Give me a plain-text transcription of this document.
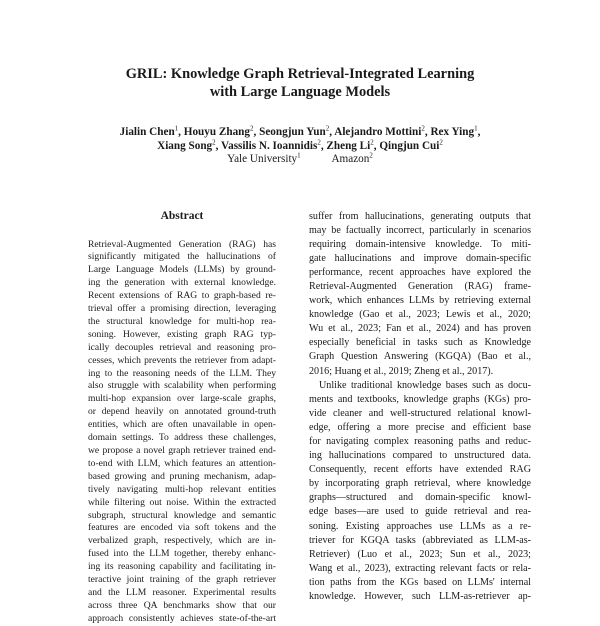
GRIL: Knowledge Graph Retrieval-Integrated Learning
with Large Language Models
Jialin Chen$^1$, Houyu Zhang$^2$, Seongjun Yun$^2$, Alejandro Mottini$^2$, Rex Ying$^1$,
Xiang Song$^2$, Vassilis N. Ioannidis$^2$, Zheng Li$^2$, Qingjun Cui$^2$
Yale University$^1$	Amazon$^2$
Abstract
Retrieval-Augmented Generation (RAG) has
significantly mitigated the hallucinations of
Large Language Models (LLMs) by ground-
ing the generation with external knowledge.
Recent extensions of RAG to graph-based re-
trieval offer a promising direction, leveraging
the structural knowledge for multi-hop rea-
soning. However, existing graph RAG typ-
ically decouples retrieval and reasoning pro-
cesses, which prevents the retriever from adapt-
ing to the reasoning needs of the LLM. They
also struggle with scalability when performing
multi-hop expansion over large-scale graphs,
or depend heavily on annotated ground-truth
entities, which are often unavailable in open-
domain settings. To address these challenges,
we propose a novel graph retriever trained end-
to-end with LLM, which features an attention-
based growing and pruning mechanism, adap-
tively navigating multi-hop relevant entities
while filtering out noise. Within the extracted
subgraph, structural knowledge and semantic
features are encoded via soft tokens and the
verbalized graph, respectively, which are in-
fused into the LLM together, thereby enhanc-
ing its reasoning capability and facilitating in-
teractive joint training of the graph retriever
and the LLM reasoner. Experimental results
across three QA benchmarks show that our
approach consistently achieves state-of-the-art
suffer from hallucinations, generating outputs that
may be factually incorrect, particularly in scenarios
requiring domain-intensive knowledge. To miti-
gate hallucinations and improve domain-specific
performance, recent approaches have explored the
Retrieval-Augmented Generation (RAG) frame-
work, which enhances LLMs by retrieving external
knowledge (Gao et al., 2023; Lewis et al., 2020;
Wu et al., 2023; Fan et al., 2024) and has proven
especially beneficial in tasks such as Knowledge
Graph Question Answering (KGQA) (Bao et al.,
2016; Huang et al., 2019; Zheng et al., 2017).
Unlike traditional knowledge bases such as docu-
ments and textbooks, knowledge graphs (KGs) pro-
vide cleaner and well-structured relational knowl-
edge, offering a more precise and efficient base
for navigating complex reasoning paths and reduc-
ing hallucinations compared to unstructured data.
Consequently, recent efforts have extended RAG
by incorporating graph retrieval, where knowledge
graphs—structured and domain-specific knowl-
edge bases—are used to guide retrieval and rea-
soning. Existing approaches use LLMs as a re-
triever for KGQA tasks (abbreviated as LLM-as-
Retriever) (Luo et al., 2023; Sun et al., 2023;
Wang et al., 2023), extracting relevant facts or rela-
tion paths from the KGs based on LLMs' internal
knowledge. However, such LLM-as-retriever ap-
